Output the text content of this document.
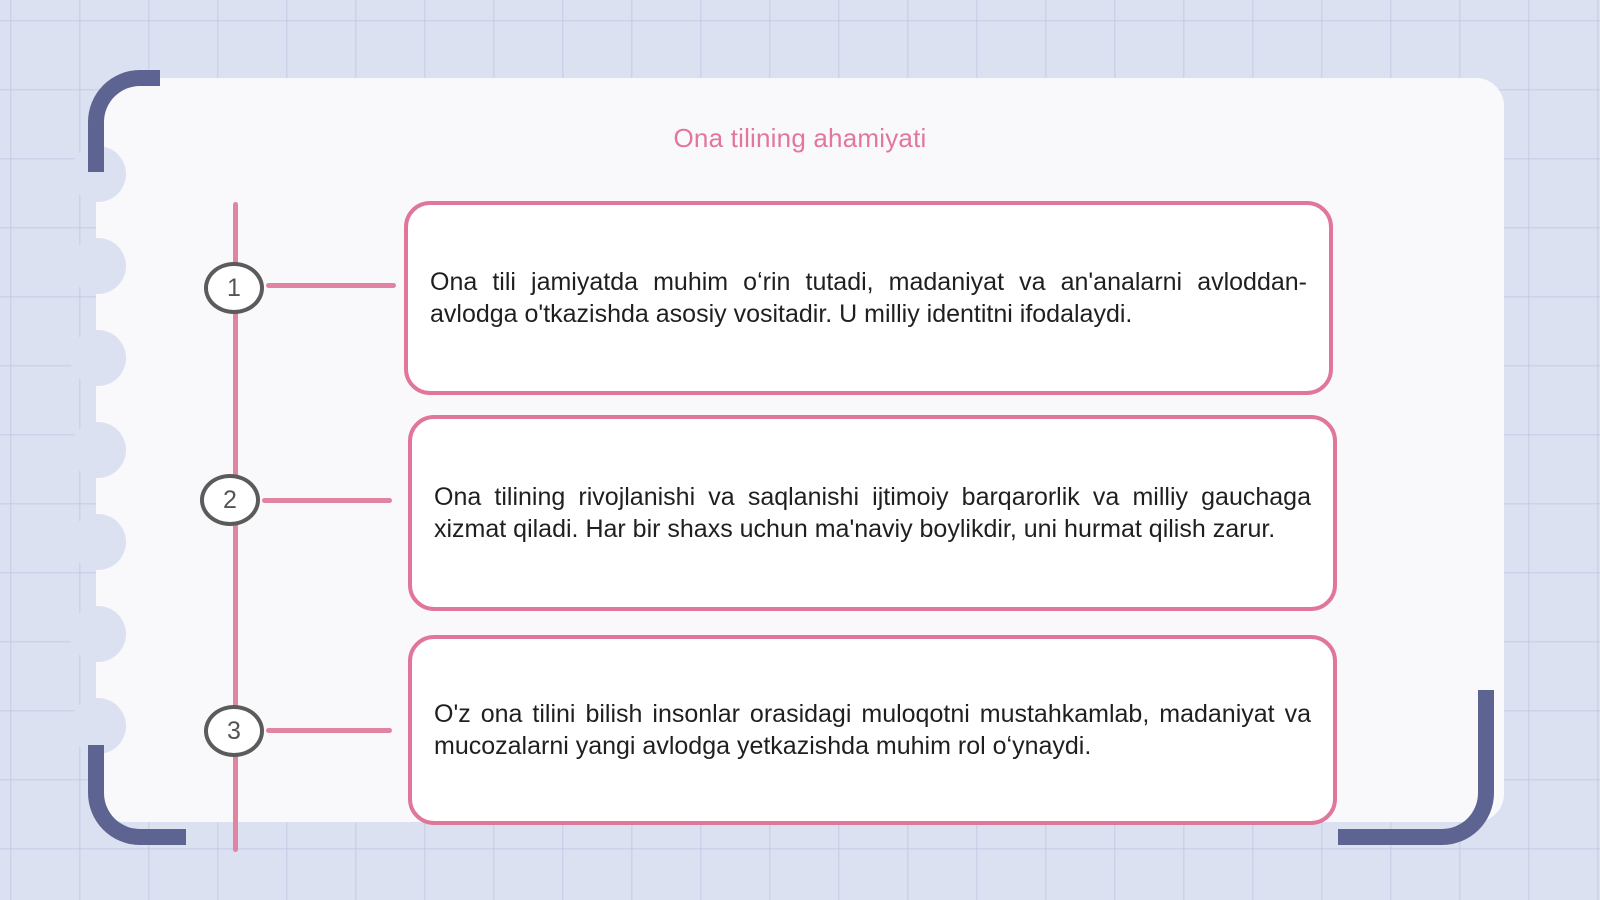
Ona tilining ahamiyati
1	Ona tili jamiyatda muhim oʻrin tutadi, madaniyat va an'analarni avloddan-avlodga o'tkazishda asosiy vositadir. U milliy identitni ifodalaydi.
2	Ona tilining rivojlanishi va saqlanishi ijtimoiy barqarorlik va milliy gauchaga xizmat qiladi. Har bir shaxs uchun ma'naviy boylikdir, uni hurmat qilish zarur.
3
O'z ona tilini bilish insonlar orasidagi muloqotni mustahkamlab, madaniyat va mucozalarni yangi avlodga yetkazishda muhim rol oʻynaydi.
